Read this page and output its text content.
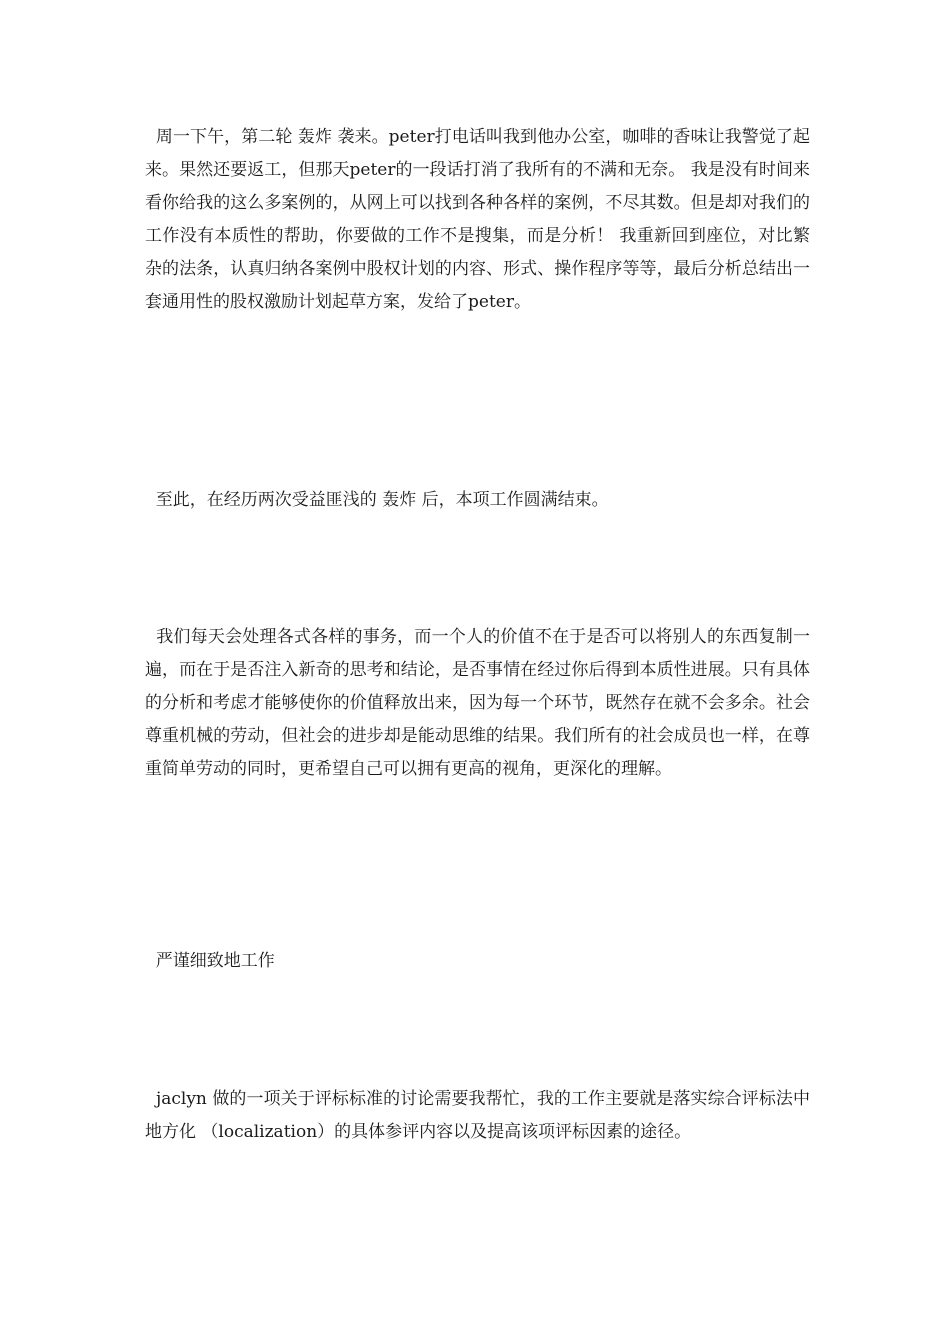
周一下午，第二轮 轰炸 袭来。peter打电话叫我到他办公室，咖啡的香味让我警觉了起来。果然还要返工，但那天peter的一段话打消了我所有的不满和无奈。 我是没有时间来看你给我的这么多案例的，从网上可以找到各种各样的案例，不尽其数。但是却对我们的工作没有本质性的帮助，你要做的工作不是搜集，而是分析！ 我重新回到座位，对比繁杂的法条，认真归纳各案例中股权计划的内容、形式、操作程序等等，最后分析总结出一套通用性的股权激励计划起草方案，发给了peter。

至此，在经历两次受益匪浅的 轰炸 后，本项工作圆满结束。

我们每天会处理各式各样的事务，而一个人的价值不在于是否可以将别人的东西复制一遍，而在于是否注入新奇的思考和结论，是否事情在经过你后得到本质性进展。只有具体的分析和考虑才能够使你的价值释放出来，因为每一个环节，既然存在就不会多余。社会尊重机械的劳动，但社会的进步却是能动思维的结果。我们所有的社会成员也一样，在尊重简单劳动的同时，更希望自己可以拥有更高的视角，更深化的理解。

严谨细致地工作

jaclyn 做的一项关于评标标准的讨论需要我帮忙，我的工作主要就是落实综合评标法中 地方化 （localization）的具体参评内容以及提高该项评标因素的途径。
